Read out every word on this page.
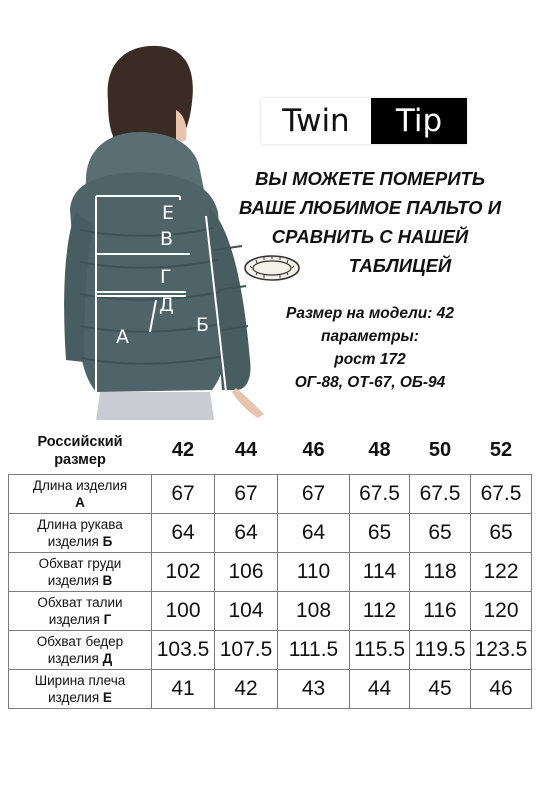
Е
В
Г
Д
А
Б
Twin	Tip
ВЫ МОЖЕТЕ ПОМЕРИТЬ
ВАШЕ ЛЮБИМОЕ ПАЛЬТО И
СРАВНИТЬ С НАШЕЙ
ТАБЛИЦЕЙ
Размер на модели: 42
параметры:
рост 172
ОГ-88, ОТ-67, ОБ-94
Российский
размер	42	44	46	48	50	52

Длина изделия
А	67	67	67	67.5	67.5	67.5

Длина рукава
изделия Б	64	64	64	65	65	65

Обхват груди
изделия В	102	106	110	114	118	122

Обхват талии
изделия Г	100	104	108	112	116	120

Обхват бедер
изделия Д	103.5	107.5	111.5	115.5	119.5	123.5

Ширина плеча
изделия Е	41	42	43	44	45	46
